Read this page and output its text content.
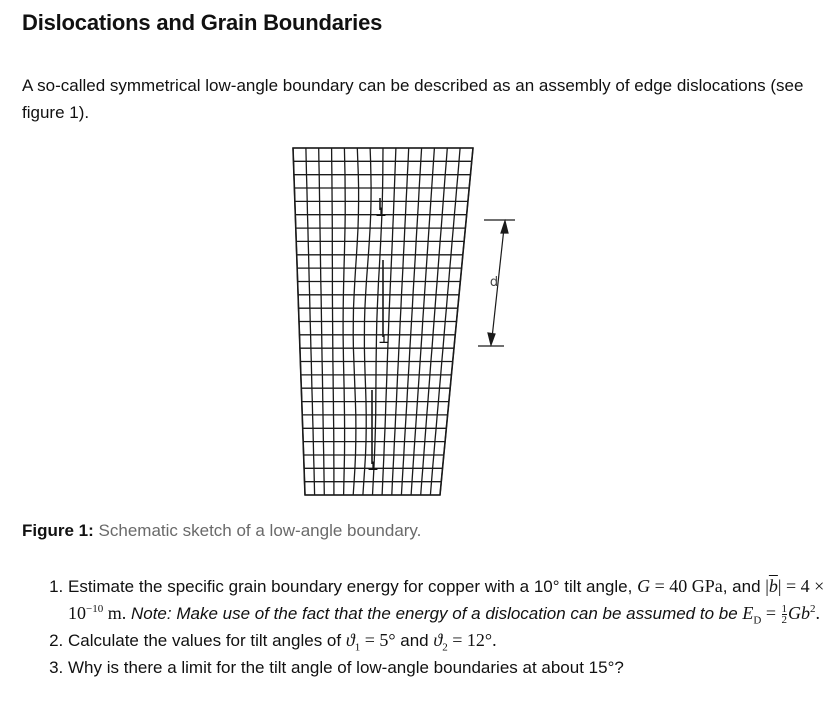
Dislocations and Grain Boundaries

A so-called symmetrical low-angle boundary can be described as an assembly of edge dislocations (see figure 1).

⊥
⊥
⊥
d

Figure 1: Schematic sketch of a low-angle boundary.

1. Estimate the specific grain boundary energy for copper with a 10° tilt angle, G = 40 GPa, and $|\overline{b}| = 4 \times 10^{-10}$ m. Note: Make use of the fact that the energy of a dislocation can be assumed to be $E_D = \frac{1}{2} Gb^2$.
2. Calculate the values for tilt angles of $ϑ_1 = 5^\circ$ and $ϑ_2 = 12^\circ$.
3. Why is there a limit for the tilt angle of low-angle boundaries at about 15°?
